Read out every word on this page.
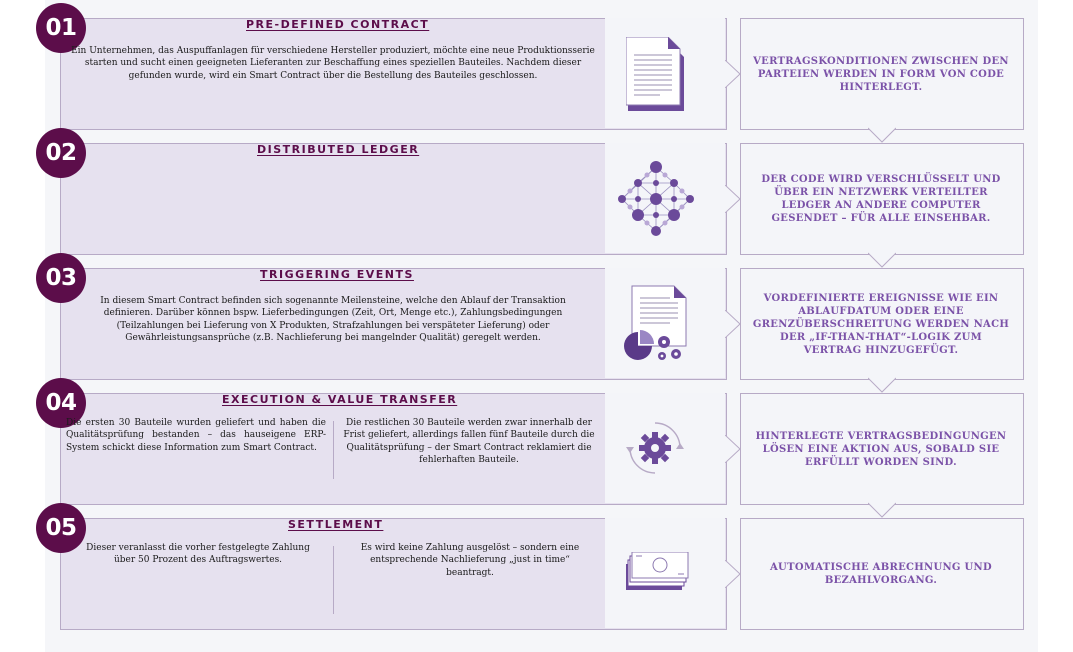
01	PRE-DEFINED CONTRACT
Ein Unternehmen, das Auspuffanlagen für verschiedene Hersteller produziert, möchte eine neue Produktionsserie starten und sucht einen geeigneten Lieferanten zur Beschaffung eines speziellen Bauteiles. Nachdem dieser gefunden wurde, wird ein Smart Contract über die Bestellung des Bauteiles geschlossen.
VERTRAGSKONDITIONEN ZWISCHEN DEN PARTEIEN WERDEN IN FORM VON CODE HINTERLEGT.
02	DISTRIBUTED LEDGER
DER CODE WIRD VERSCHLÜSSELT UND ÜBER EIN NETZWERK VERTEILTER LEDGER AN ANDERE COMPUTER GESENDET – FÜR ALLE EINSEHBAR.
03	TRIGGERING EVENTS
In diesem Smart Contract befinden sich sogenannte Meilensteine, welche den Ablauf der Transaktion definieren. Darüber können bspw. Lieferbedingungen (Zeit, Ort, Menge etc.), Zahlungsbedingungen (Teilzahlungen bei Lieferung von X Produkten, Strafzahlungen bei verspäteter Lieferung) oder Gewährleistungsansprüche (z.B. Nachlieferung bei mangelnder Qualität) geregelt werden.
VORDEFINIERTE EREIGNISSE WIE EIN ABLAUFDATUM ODER EINE GRENZÜBERSCHREITUNG WERDEN NACH DER „IF-THAN-THAT“-LOGIK ZUM VERTRAG HINZUGEFÜGT.
04	EXECUTION & VALUE TRANSFER
Die ersten 30 Bauteile wurden geliefert und haben die Qualitätsprüfung bestanden – das hauseigene ERP-System schickt diese Information zum Smart Contract.
Die restlichen 30 Bauteile werden zwar innerhalb der Frist geliefert, allerdings fallen fünf Bauteile durch die Qualitätsprüfung – der Smart Contract reklamiert die fehlerhaften Bauteile.
HINTERLEGTE VERTRAGSBEDINGUNGEN LÖSEN EINE AKTION AUS, SOBALD SIE ERFÜLLT WORDEN SIND.
05	SETTLEMENT
Dieser veranlasst die vorher festgelegte Zahlung über 50 Prozent des Auftragswertes.
Es wird keine Zahlung ausgelöst – sondern eine entsprechende Nachlieferung „just in time“ beantragt.	AUTOMATISCHE ABRECHNUNG UND BEZAHLVORGANG.
